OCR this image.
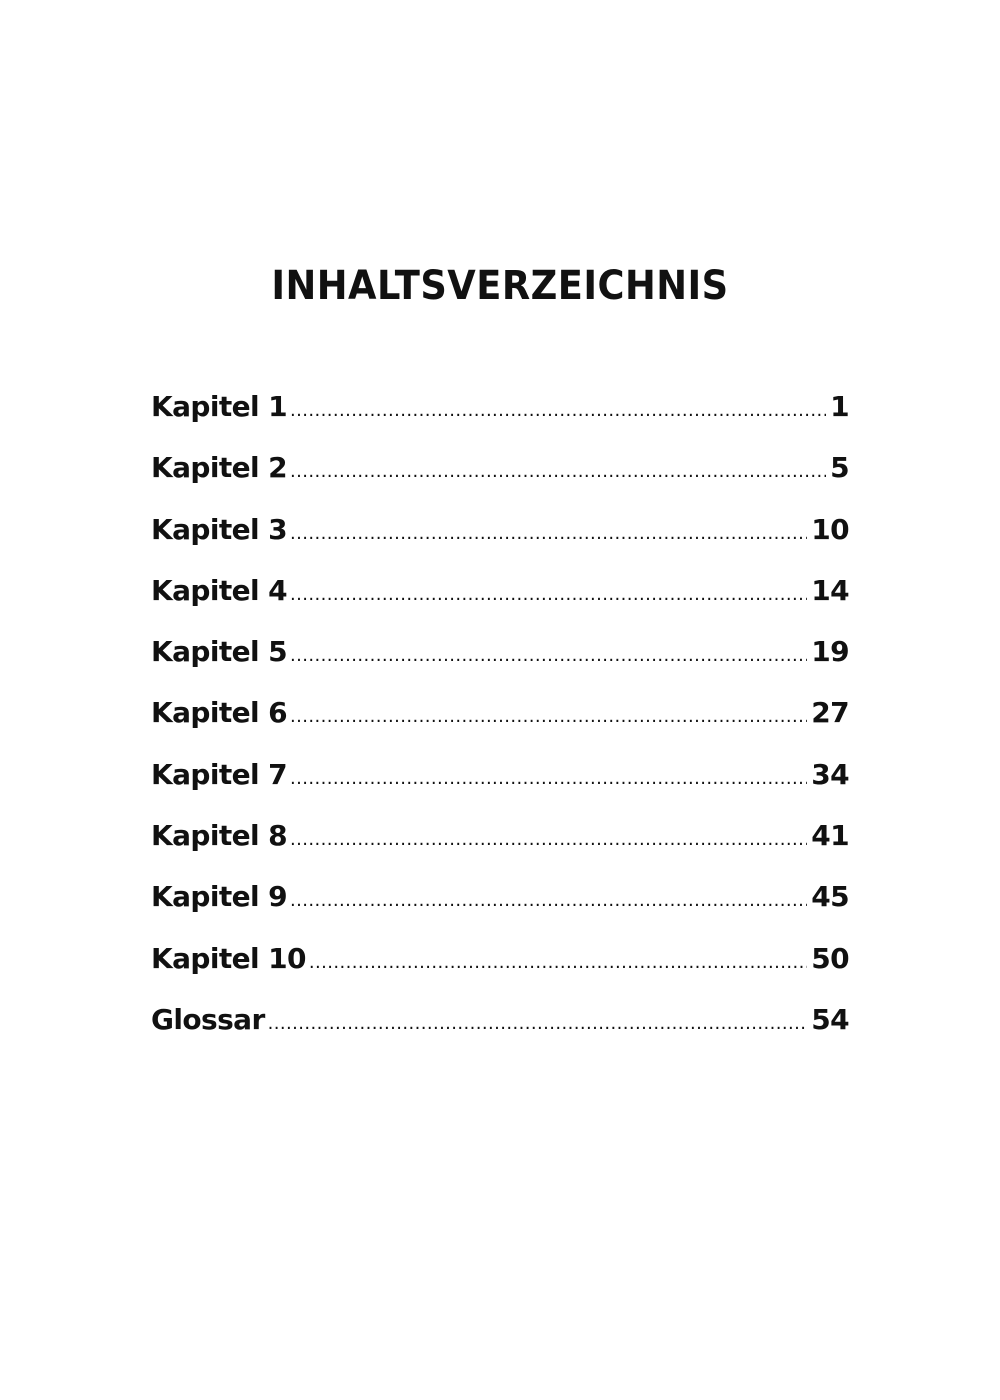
INHALTSVERZEICHNIS
Kapitel 1 .....	1
Kapitel 2 .....	5
Kapitel 3 .....	10
Kapitel 4 .....	14
Kapitel 5 .....	19
Kapitel 6 .....	27
Kapitel 7 .....	34
Kapitel 8 .....	41
Kapitel 9 .....	45
Kapitel 10 .....	50
Glossar .....	54
